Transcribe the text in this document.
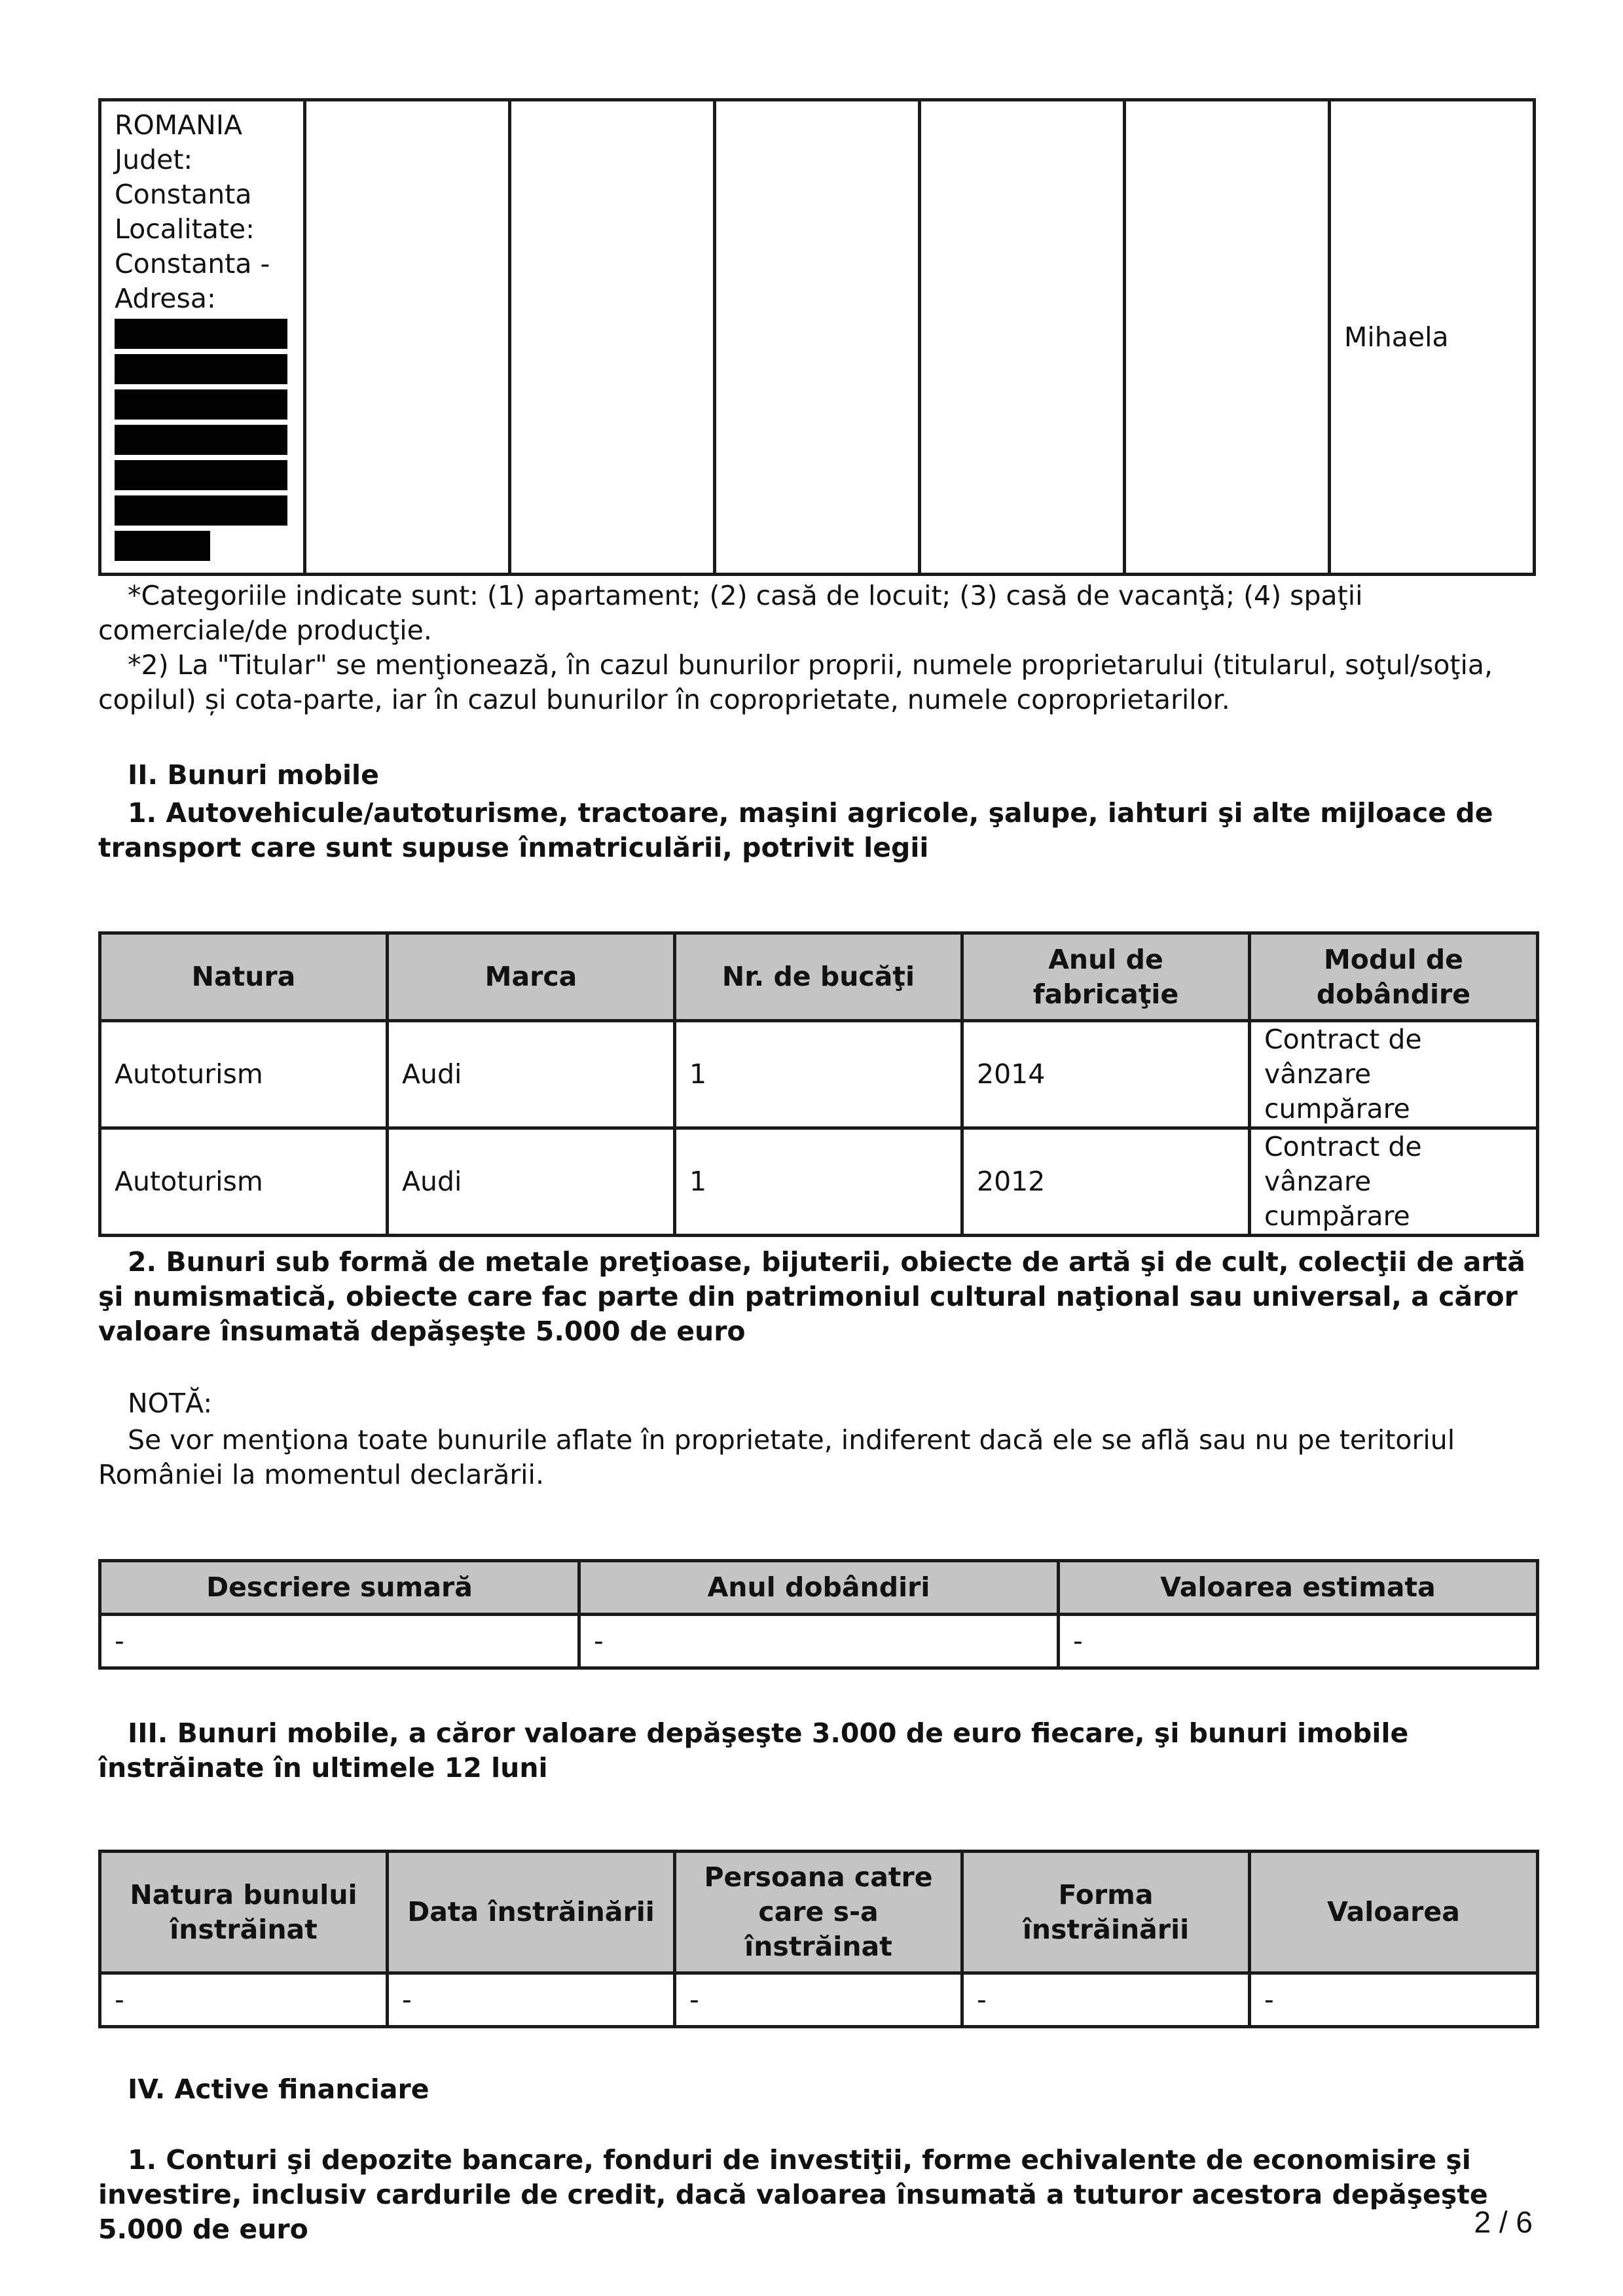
ROMANIA
Judet:
Constanta
Localitate:
Constanta -
Adresa:
						Mihaela
*Categoriile indicate sunt: (1) apartament; (2) casă de locuit; (3) casă de vacanţă; (4) spaţii comerciale/de producţie.
*2) La "Titular" se menţionează, în cazul bunurilor proprii, numele proprietarului (titularul, soţul/soţia, copilul) și cota-parte, iar în cazul bunurilor în coproprietate, numele coproprietarilor.
II. Bunuri mobile
1. Autovehicule/autoturisme, tractoare, maşini agricole, şalupe, iahturi şi alte mijloace de transport care sunt supuse înmatriculării, potrivit legii
Natura	Marca	Nr. de bucăţi	Anul de fabricaţie	Modul de dobândire
Autoturism	Audi	1	2014	Contract de vânzare cumpărare
Autoturism	Audi	1	2012	Contract de vânzare cumpărare
2. Bunuri sub formă de metale preţioase, bijuterii, obiecte de artă şi de cult, colecţii de artă şi numismatică, obiecte care fac parte din patrimoniul cultural naţional sau universal, a căror valoare însumată depăşeşte 5.000 de euro
NOTĂ:
Se vor menţiona toate bunurile aflate în proprietate, indiferent dacă ele se află sau nu pe teritoriul României la momentul declarării.
Descriere sumară	Anul dobândiri	Valoarea estimata
-	-	-
III. Bunuri mobile, a căror valoare depăşeşte 3.000 de euro fiecare, şi bunuri imobile înstrăinate în ultimele 12 luni
Natura bunului înstrăinat	Data înstrăinării	Persoana catre care s-a înstrăinat	Forma înstrăinării	Valoarea
-	-	-	-	-
IV. Active financiare
1. Conturi şi depozite bancare, fonduri de investiţii, forme echivalente de economisire şi investire, inclusiv cardurile de credit, dacă valoarea însumată a tuturor acestora depăşeşte 5.000 de euro	2 / 6
